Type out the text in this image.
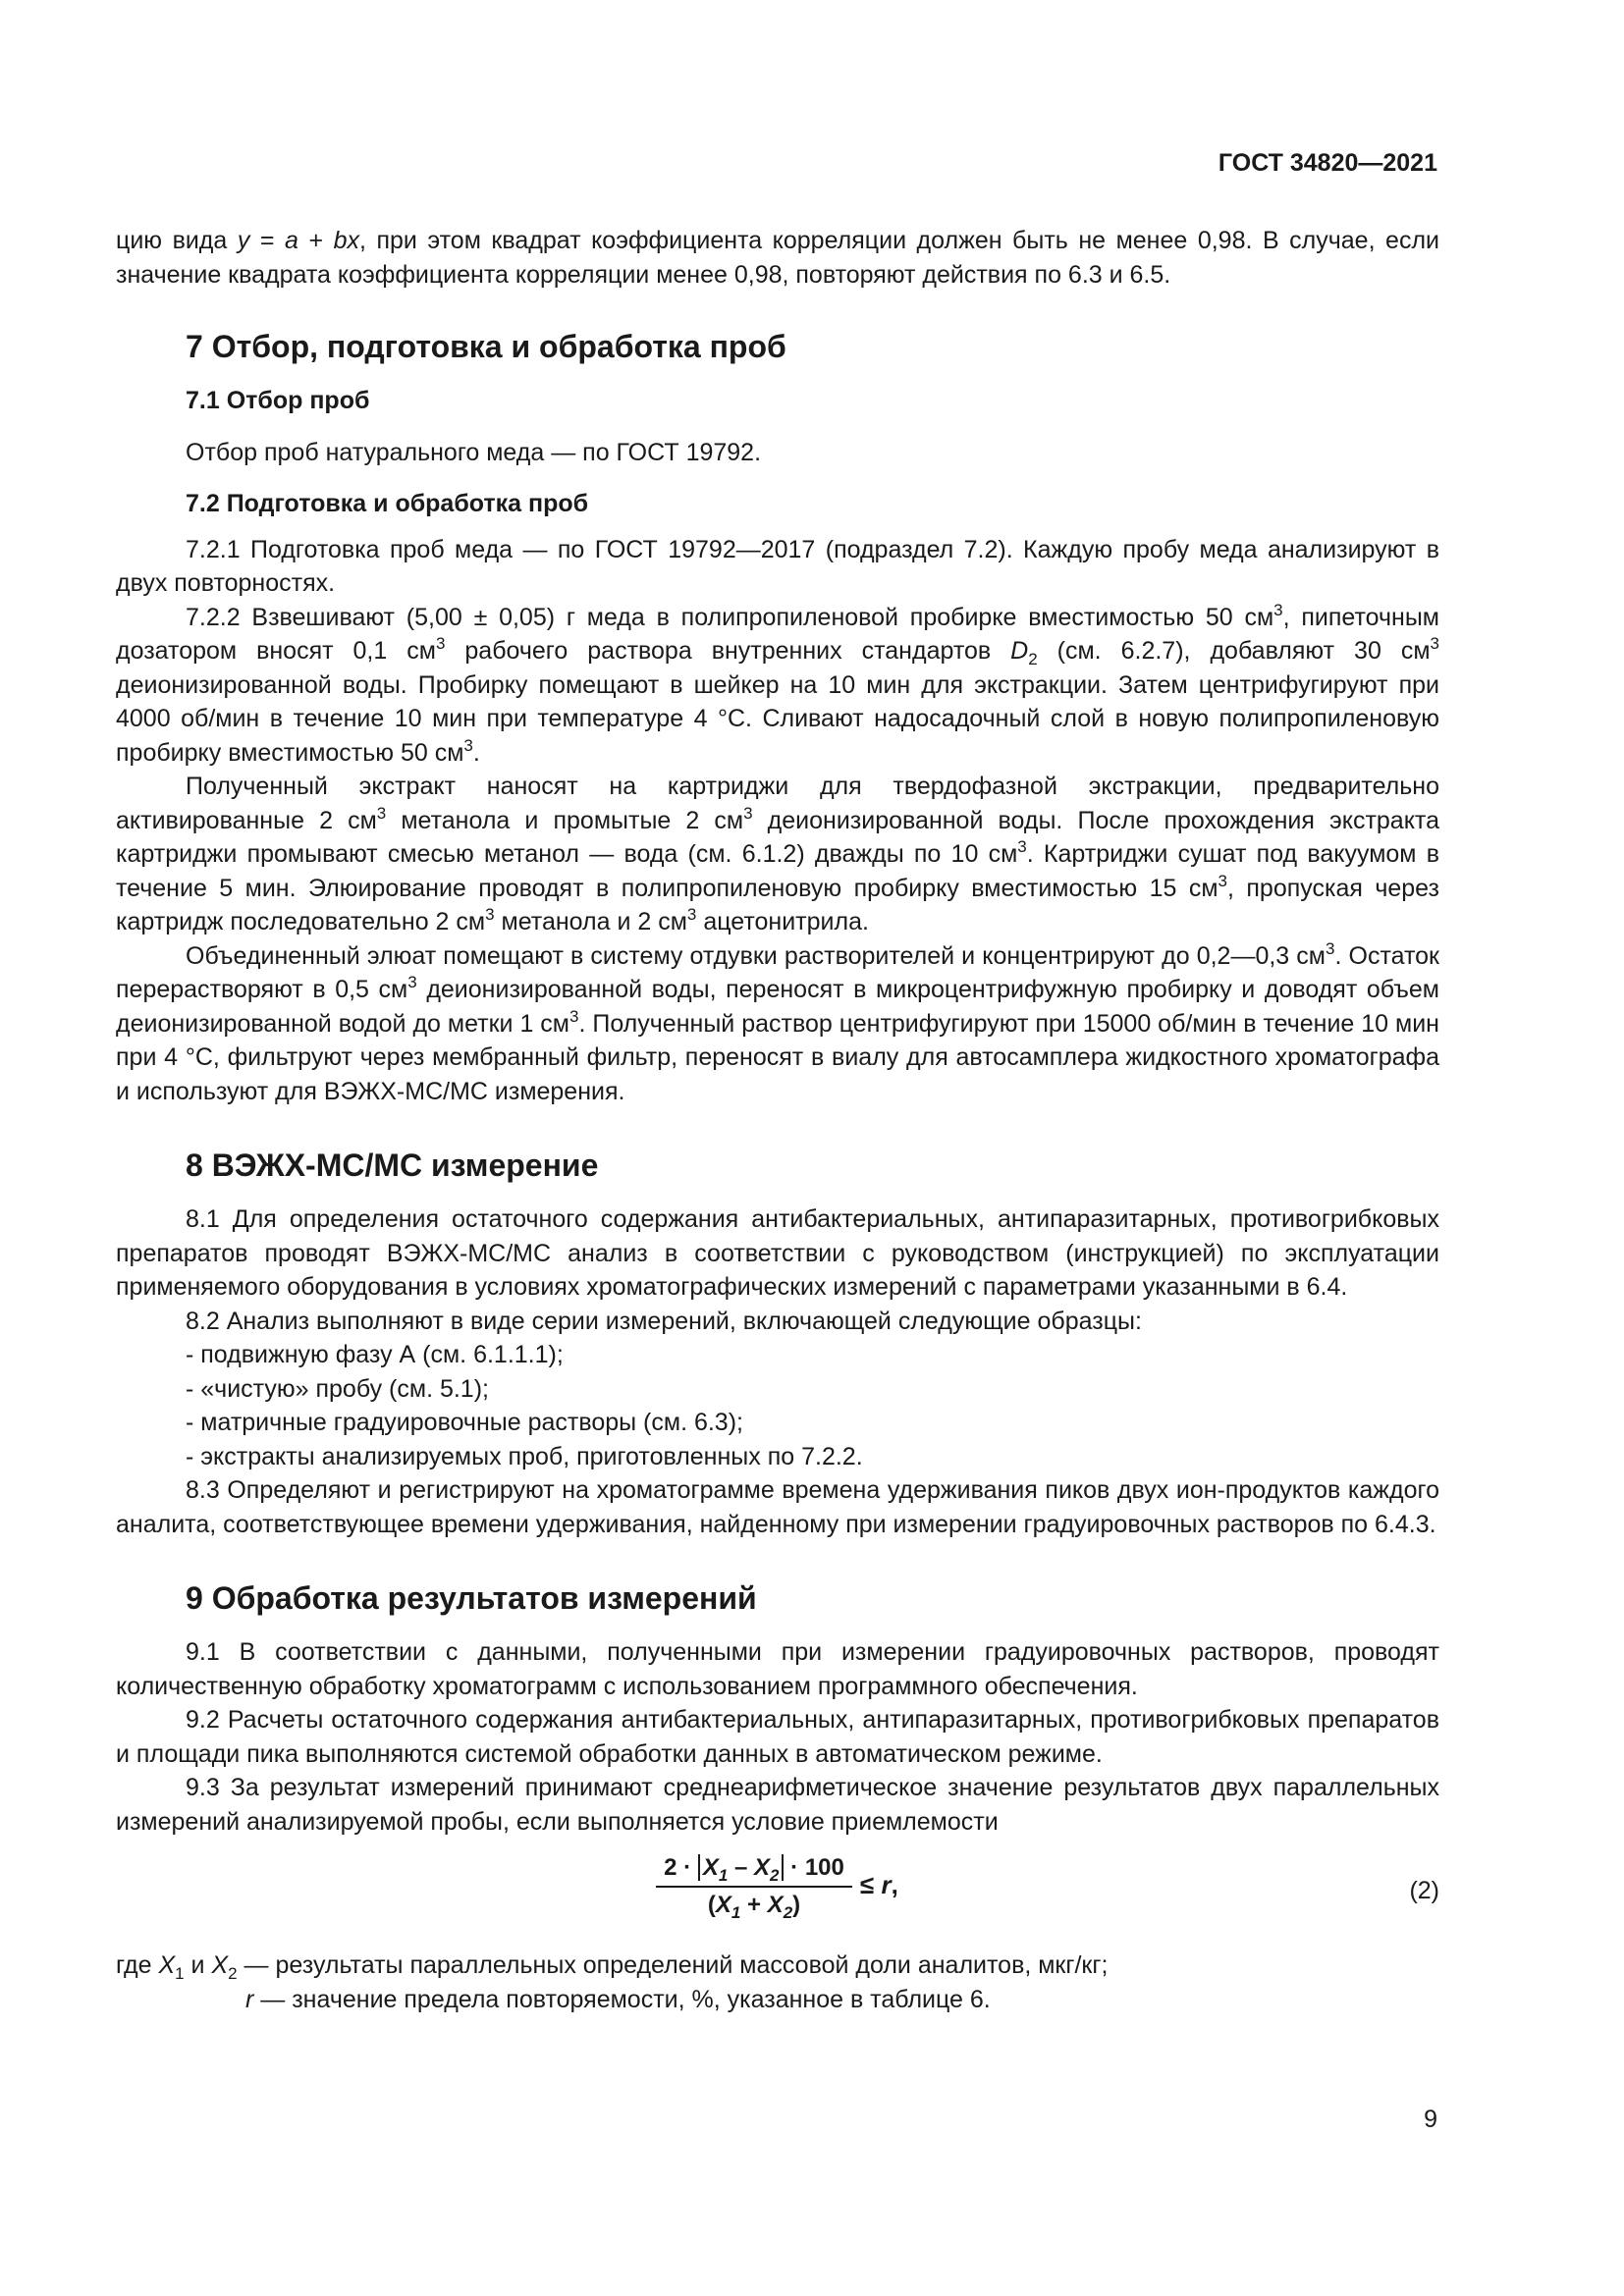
ГОСТ 34820—2021

цию вида y = a + bx, при этом квадрат коэффициента корреляции должен быть не менее 0,98. В случае, если значение квадрата коэффициента корреляции менее 0,98, повторяют действия по 6.3 и 6.5.

7 Отбор, подготовка и обработка проб
7.1 Отбор проб

Отбор проб натурального меда — по ГОСТ 19792.

7.2 Подготовка и обработка проб

7.2.1 Подготовка проб меда — по ГОСТ 19792—2017 (подраздел 7.2). Каждую пробу меда анализируют в двух повторностях.

7.2.2 Взвешивают (5,00 ± 0,05) г меда в полипропиленовой пробирке вместимостью 50 $см^3$, пипеточным дозатором вносят 0,1 $см^3$ рабочего раствора внутренних стандартов $D_2$ (см. 6.2.7), добавляют 30 $см^3$ деионизированной воды. Пробирку помещают в шейкер на 10 мин для экстракции. Затем центрифугируют при 4000 об/мин в течение 10 мин при температуре 4 °С. Сливают надосадочный слой в новую полипропиленовую пробирку вместимостью 50 $см^3$.

Полученный экстракт наносят на картриджи для твердофазной экстракции, предварительно активированные 2 $см^3$ метанола и промытые 2 $см^3$ деионизированной воды. После прохождения экстракта картриджи промывают смесью метанол — вода (см. 6.1.2) дважды по 10 $см^3$. Картриджи сушат под вакуумом в течение 5 мин. Элюирование проводят в полипропиленовую пробирку вместимостью 15 $см^3$, пропуская через картридж последовательно 2 $см^3$ метанола и 2 $см^3$ ацетонитрила.

Объединенный элюат помещают в систему отдувки растворителей и концентрируют до 0,2—0,3 $см^3$. Остаток перерастворяют в 0,5 $см^3$ деионизированной воды, переносят в микроцентрифужную пробирку и доводят объем деионизированной водой до метки 1 $см^3$. Полученный раствор центрифугируют при 15000 об/мин в течение 10 мин при 4 °С, фильтруют через мембранный фильтр, переносят в виалу для автосамплера жидкостного хроматографа и используют для ВЭЖХ-МС/МС измерения.

8 ВЭЖХ-МС/МС измерение

8.1 Для определения остаточного содержания антибактериальных, антипаразитарных, противогрибковых препаратов проводят ВЭЖХ-МС/МС анализ в соответствии с руководством (инструкцией) по эксплуатации применяемого оборудования в условиях хроматографических измерений с параметрами указанными в 6.4.

8.2 Анализ выполняют в виде серии измерений, включающей следующие образцы:

- подвижную фазу А (см. 6.1.1.1);

- «чистую» пробу (см. 5.1);

- матричные градуировочные растворы (см. 6.3);

- экстракты анализируемых проб, приготовленных по 7.2.2.

8.3 Определяют и регистрируют на хроматограмме времена удерживания пиков двух ион-продуктов каждого аналита, соответствующее времени удерживания, найденному при измерении градуировочных растворов по 6.4.3.

9 Обработка результатов измерений

9.1 В соответствии с данными, полученными при измерении градуировочных растворов, проводят количественную обработку хроматограмм с использованием программного обеспечения.

9.2 Расчеты остаточного содержания антибактериальных, антипаразитарных, противогрибковых препаратов и площади пика выполняются системой обработки данных в автоматическом режиме.

9.3 За результат измерений принимают среднеарифметическое значение результатов двух параллельных измерений анализируемой пробы, если выполняется условие приемлемости

$2 \cdot X_1 - X_2 \cdot 100$
$(X_1 + X_2)$
≤ r,	(2)
где $X_1$ и $X_2$ — результаты параллельных определений массовой доли аналитов, мкг/кг;
r — значение предела повторяемости, %, указанное в таблице 6.
9
